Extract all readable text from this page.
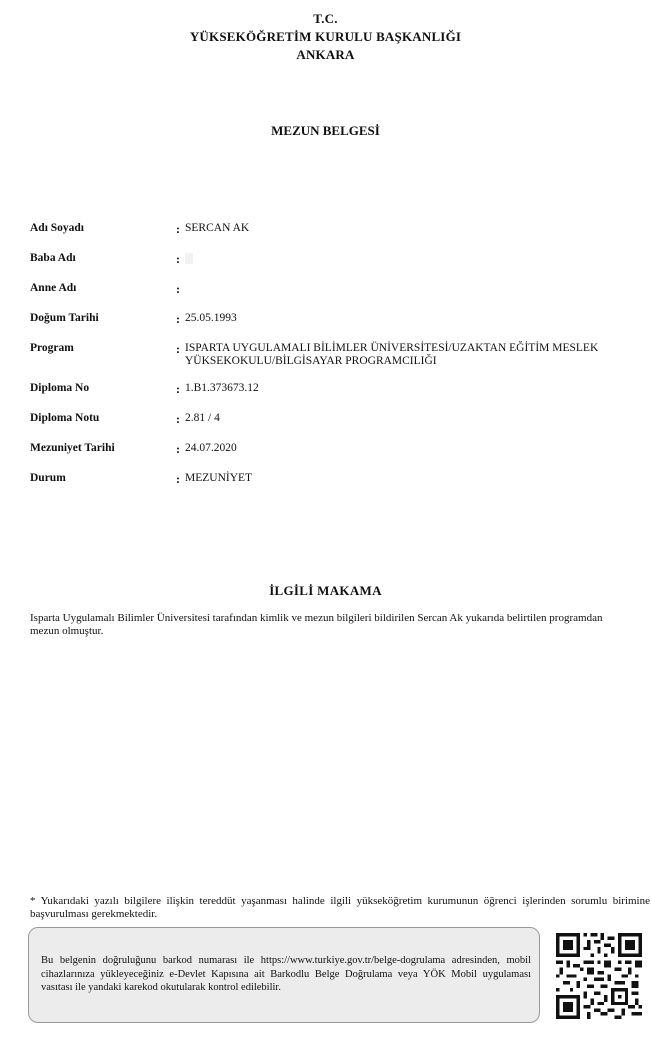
T.C.
YÜKSEKÖĞRETİM KURULU BAŞKANLIĞI
ANKARA
MEZUN BELGESİ
Adı Soyadı	: SERCAN AK
Baba Adı	:
Anne Adı	:
Doğum Tarihi	: 25.05.1993
Program	: ISPARTA UYGULAMALI BİLİMLER ÜNİVERSİTESİ/UZAKTAN EĞİTİM MESLEK YÜKSEKOKULU/BİLGİSAYAR PROGRAMCILIĞI
Diploma No	: 1.B1.373673.12
Diploma Notu	: 2.81 / 4
Mezuniyet Tarihi	: 24.07.2020
Durum	: MEZUNİYET
İLGİLİ MAKAMA
Isparta Uygulamalı Bilimler Üniversitesi tarafından kimlik ve mezun bilgileri bildirilen Sercan Ak yukarıda belirtilen programdan mezun olmuştur.
* Yukarıdaki yazılı bilgilere ilişkin tereddüt yaşanması halinde ilgili yükseköğretim kurumunun öğrenci işlerinden sorumlu birimine başvurulması gerekmektedir.
Bu belgenin doğruluğunu barkod numarası ile https://www.turkiye.gov.tr/belge-dogrulama adresinden, mobil cihazlarınıza yükleyeceğiniz e-Devlet Kapısına ait Barkodlu Belge Doğrulama veya YÖK Mobil uygulaması vasıtası ile yandaki karekod okutularak kontrol edilebilir.
